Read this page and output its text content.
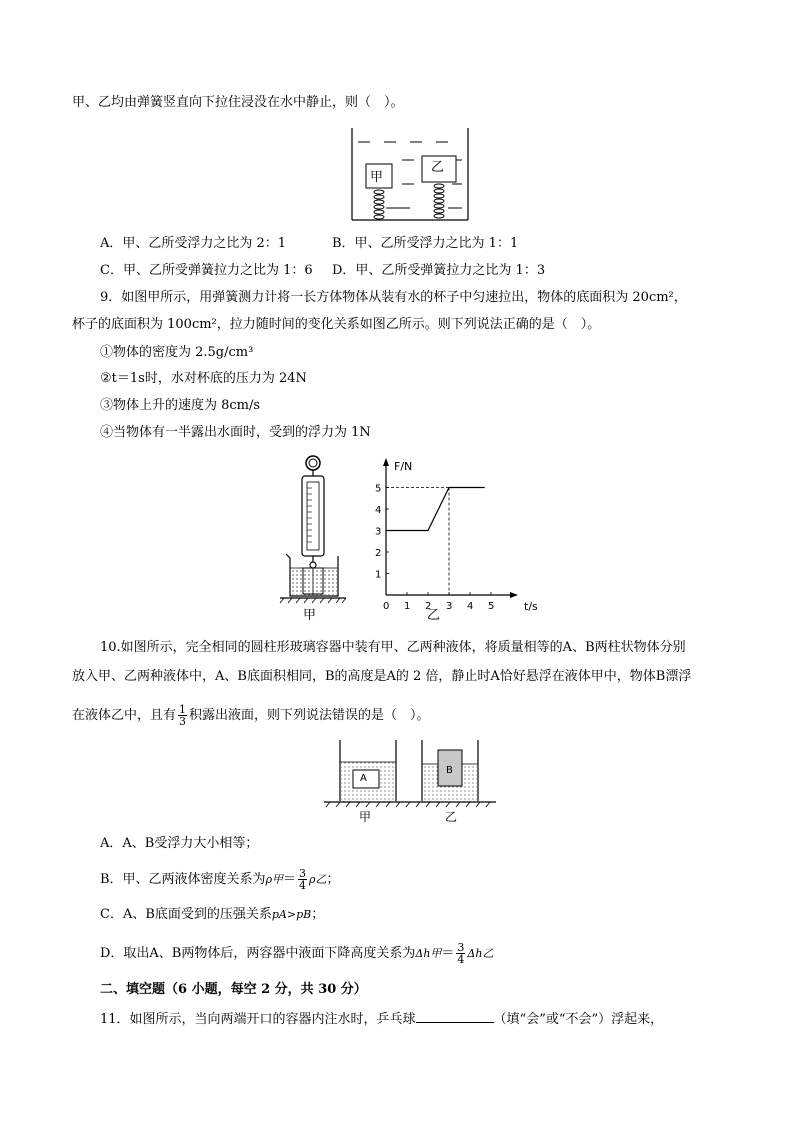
甲、乙均由弹簧竖直向下拉住浸没在水中静止，则（　）。
甲
乙
A．甲、乙所受浮力之比为 2：1	B．甲、乙所受浮力之比为 1：1
C．甲、乙所受弹簧拉力之比为 1：6 D．甲、乙所受弹簧拉力之比为 1：3
9．如图甲所示，用弹簧测力计将一长方体物体从装有水的杯子中匀速拉出，物体的底面积为 20cm²，
杯子的底面积为 100cm²，拉力随时间的变化关系如图乙所示。则下列说法正确的是（　）。
①物体的密度为 2.5g/cm³
②t＝1s时，水对杯底的压力为 24N
③物体上升的速度为 8cm/s
④当物体有一半露出水面时，受到的浮力为 1N
甲
F/N
t/s
0 1 2 3 4 5
1
2
3
4
5
乙
10.如图所示，完全相同的圆柱形玻璃容器中装有甲、乙两种液体，将质量相等的A、B两柱状物体分别
放入甲、乙两种液体中，A、B底面积相同，B的高度是A的 2 倍，静止时A恰好悬浮在液体甲中，物体B漂浮
在液体乙中，且有 $\frac{1}{3}$ 积露出液面，则下列说法错误的是（　）。
A
B
甲	乙
A．A、B受浮力大小相等；
B．甲、乙两液体密度关系为ρ甲＝ $\frac{3}{4}$ ρ乙；
C．A、B底面受到的压强关系pA>pB；
D．取出A、B两物体后，两容器中液面下降高度关系为Δh甲＝ $\frac{3}{4}$ Δh乙
二、填空题（6 小题，每空 2 分，共 30 分）
11．如图所示，当向两端开口的容器内注水时，乒乓球	（填“会”或“不会”）浮起来，
